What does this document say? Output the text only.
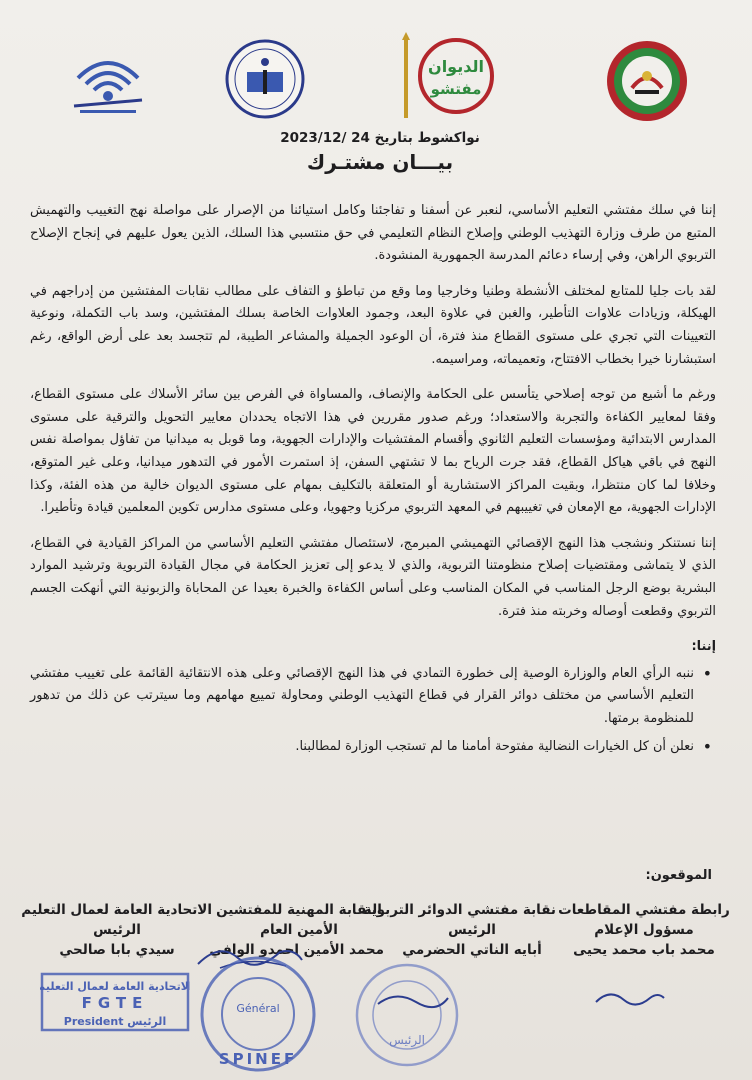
الديوان
مفتشو
نواكشوط بتاريخ 24 /2023/12
بيـــان مشتـرك

إننا في سلك مفتشي التعليم الأساسي، لنعبر عن أسفنا و تفاجئنا وكامل استيائنا من الإصرار على مواصلة نهج التغييب والتهميش المتبع من طرف وزارة التهذيب الوطني وإصلاح النظام التعليمي في حق منتسبي هذا السلك، الذين يعول عليهم في إنجاح الإصلاح التربوي الراهن، وفي إرساء دعائم المدرسة الجمهورية المنشودة.

لقد بات جليا للمتابع لمختلف الأنشطة وطنيا وخارجيا وما وقع من تباطؤ و التفاف على مطالب نقابات المفتشين من إدراجهم في الهيكلة، وزيادات علاوات التأطير، والغبن في علاوة البعد، وجمود العلاوات الخاصة بسلك المفتشين، وسد باب التكملة، ونوعية التعيينات التي تجري على مستوى القطاع منذ فترة، أن الوعود الجميلة والمشاعر الطيبة، لم تتجسد بعد على أرض الواقع، رغم استبشارنا خيرا بخطاب الافتتاح، وتعميماته، ومراسيمه.

ورغم ما أشيع من توجه إصلاحي يتأسس على الحكامة والإنصاف، والمساواة في الفرص بين سائر الأسلاك على مستوى القطاع، وفقا لمعايير الكفاءة والتجربة والاستعداد؛ ورغم صدور مقررين في هذا الاتجاه يحددان معايير التحويل والترقية على مستوى المدارس الابتدائية ومؤسسات التعليم الثانوي وأقسام المفتشيات والإدارات الجهوية، وما قوبل به ميدانيا من تفاؤل بمواصلة نفس النهج في باقي هياكل القطاع، فقد جرت الرياح بما لا تشتهي السفن، إذ استمرت الأمور في التدهور ميدانيا، وعلى غير المتوقع، وخلافا لما كان منتظرا، وبقيت المراكز الاستشارية أو المتعلقة بالتكليف بمهام على مستوى الديوان خالية من هذه الفئة، وكذا الإدارات الجهوية، مع الإمعان في تغييبهم في المعهد التربوي مركزيا وجهويا، وعلى مستوى مدارس تكوين المعلمين قيادة وتأطيرا.

إننا نستنكر ونشجب هذا النهج الإقصائي التهميشي المبرمج، لاستئصال مفتشي التعليم الأساسي من المراكز القيادية في القطاع، الذي لا يتماشى ومقتضيات إصلاح منظومتنا التربوية، والذي لا يدعو إلى تعزيز الحكامة في مجال القيادة التربوية وترشيد الموارد البشرية بوضع الرجل المناسب في المكان المناسب وعلى أساس الكفاءة والخبرة بعيدا عن المحاباة والزبونية التي أنهكت الجسم التربوي وقطعت أوصاله وخربته منذ فترة.

إننا:
• ننبه الرأي العام والوزارة الوصية إلى خطورة التمادي في هذا النهج الإقصائي وعلى هذه الانتقائية القائمة على تغييب مفتشي التعليم الأساسي من مختلف دوائر القرار في قطاع التهذيب الوطني ومحاولة تمييع مهامهم وما سيترتب عن ذلك من تدهور للمنظومة برمتها.
• نعلن أن كل الخيارات النضالية مفتوحة أمامنا ما لم تستجب الوزارة لمطالبنا.
الموقعون:
رابطة مفتشي المقاطعات
مسؤول الإعلام
محمد باب محمد يحيى
نقابة مفتشي الدوائر التربوية
الرئيس
أبايه الناتي الحضرمي
النقابة المهنية للمفتشين
الأمين العام
محمد الأمين احمدو الوافي
الاتحادية العامة لعمال التعليم
الرئيس
سيدي بابا صالحي
الاتحادية العامة لعمال التعليم
FGTE
President الرئيس
Général
SPINEF
الرئيس
